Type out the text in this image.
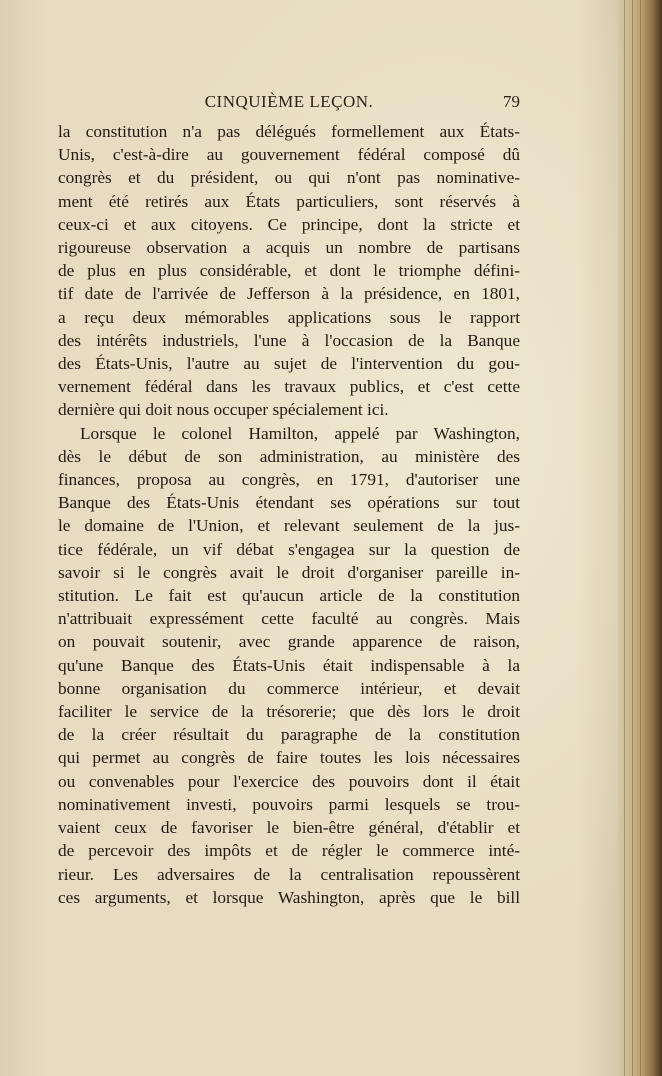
CINQUIÈME LEÇON.	79
la constitution n'a pas délégués formellement aux États-
Unis, c'est-à-dire au gouvernement fédéral composé dû
congrès et du président, ou qui n'ont pas nominative-
ment été retirés aux États particuliers, sont réservés à
ceux-ci et aux citoyens. Ce principe, dont la stricte et
rigoureuse observation a acquis un nombre de partisans
de plus en plus considérable, et dont le triomphe défini-
tif date de l'arrivée de Jefferson à la présidence, en 1801,
a reçu deux mémorables applications sous le rapport
des intérêts industriels, l'une à l'occasion de la Banque
des États-Unis, l'autre au sujet de l'intervention du gou-
vernement fédéral dans les travaux publics, et c'est cette
dernière qui doit nous occuper spécialement ici.
Lorsque le colonel Hamilton, appelé par Washington,
dès le début de son administration, au ministère des
finances, proposa au congrès, en 1791, d'autoriser une
Banque des États-Unis étendant ses opérations sur tout
le domaine de l'Union, et relevant seulement de la jus-
tice fédérale, un vif débat s'engagea sur la question de
savoir si le congrès avait le droit d'organiser pareille in-
stitution. Le fait est qu'aucun article de la constitution
n'attribuait expressément cette faculté au congrès. Mais
on pouvait soutenir, avec grande apparence de raison,
qu'une Banque des États-Unis était indispensable à la
bonne organisation du commerce intérieur, et devait
faciliter le service de la trésorerie; que dès lors le droit
de la créer résultait du paragraphe de la constitution
qui permet au congrès de faire toutes les lois nécessaires
ou convenables pour l'exercice des pouvoirs dont il était
nominativement investi, pouvoirs parmi lesquels se trou-
vaient ceux de favoriser le bien-être général, d'établir et
de percevoir des impôts et de régler le commerce inté-
rieur. Les adversaires de la centralisation repoussèrent
ces arguments, et lorsque Washington, après que le bill
